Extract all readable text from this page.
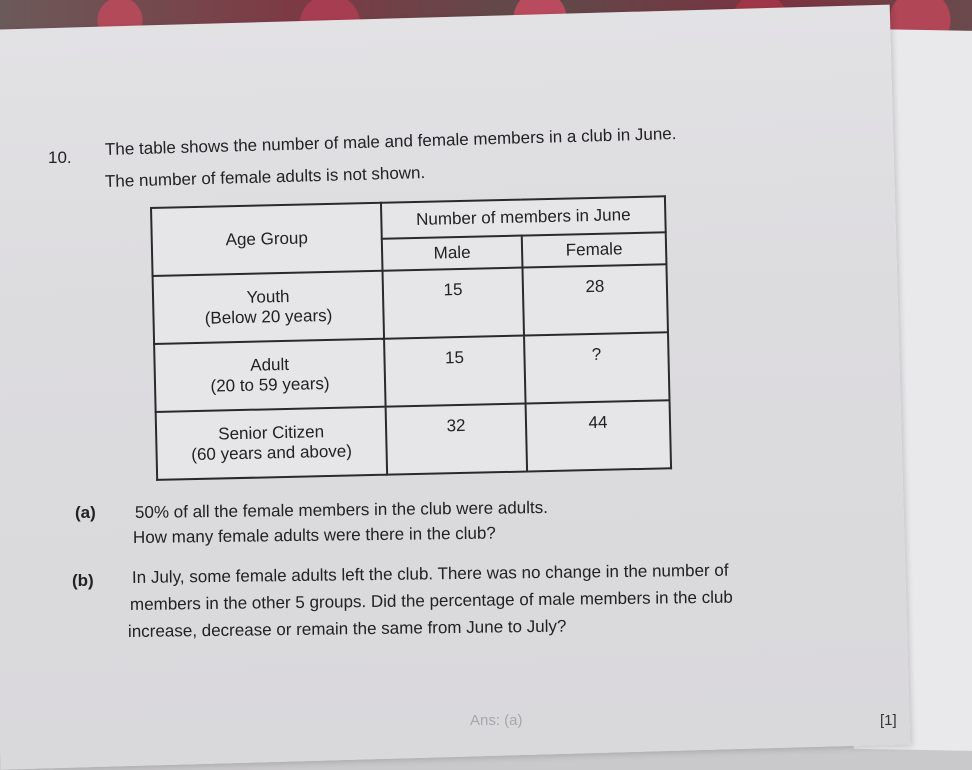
10. The table shows the number of male and female members in a club in June.
The number of female adults is not shown.
Age Group	Number of members in June	
	Male	Female

Youth
(Below 20 years)	15	28

Adult
(20 to 59 years)	15	?

Senior Citizen
(60 years and above)	32	44
(a) 50% of all the female members in the club were adults.
How many female adults were there in the club?
(b) In July, some female adults left the club. There was no change in the number of
members in the other 5 groups. Did the percentage of male members in the club
increase, decrease or remain the same from June to July?
Ans: (a)	[1]
